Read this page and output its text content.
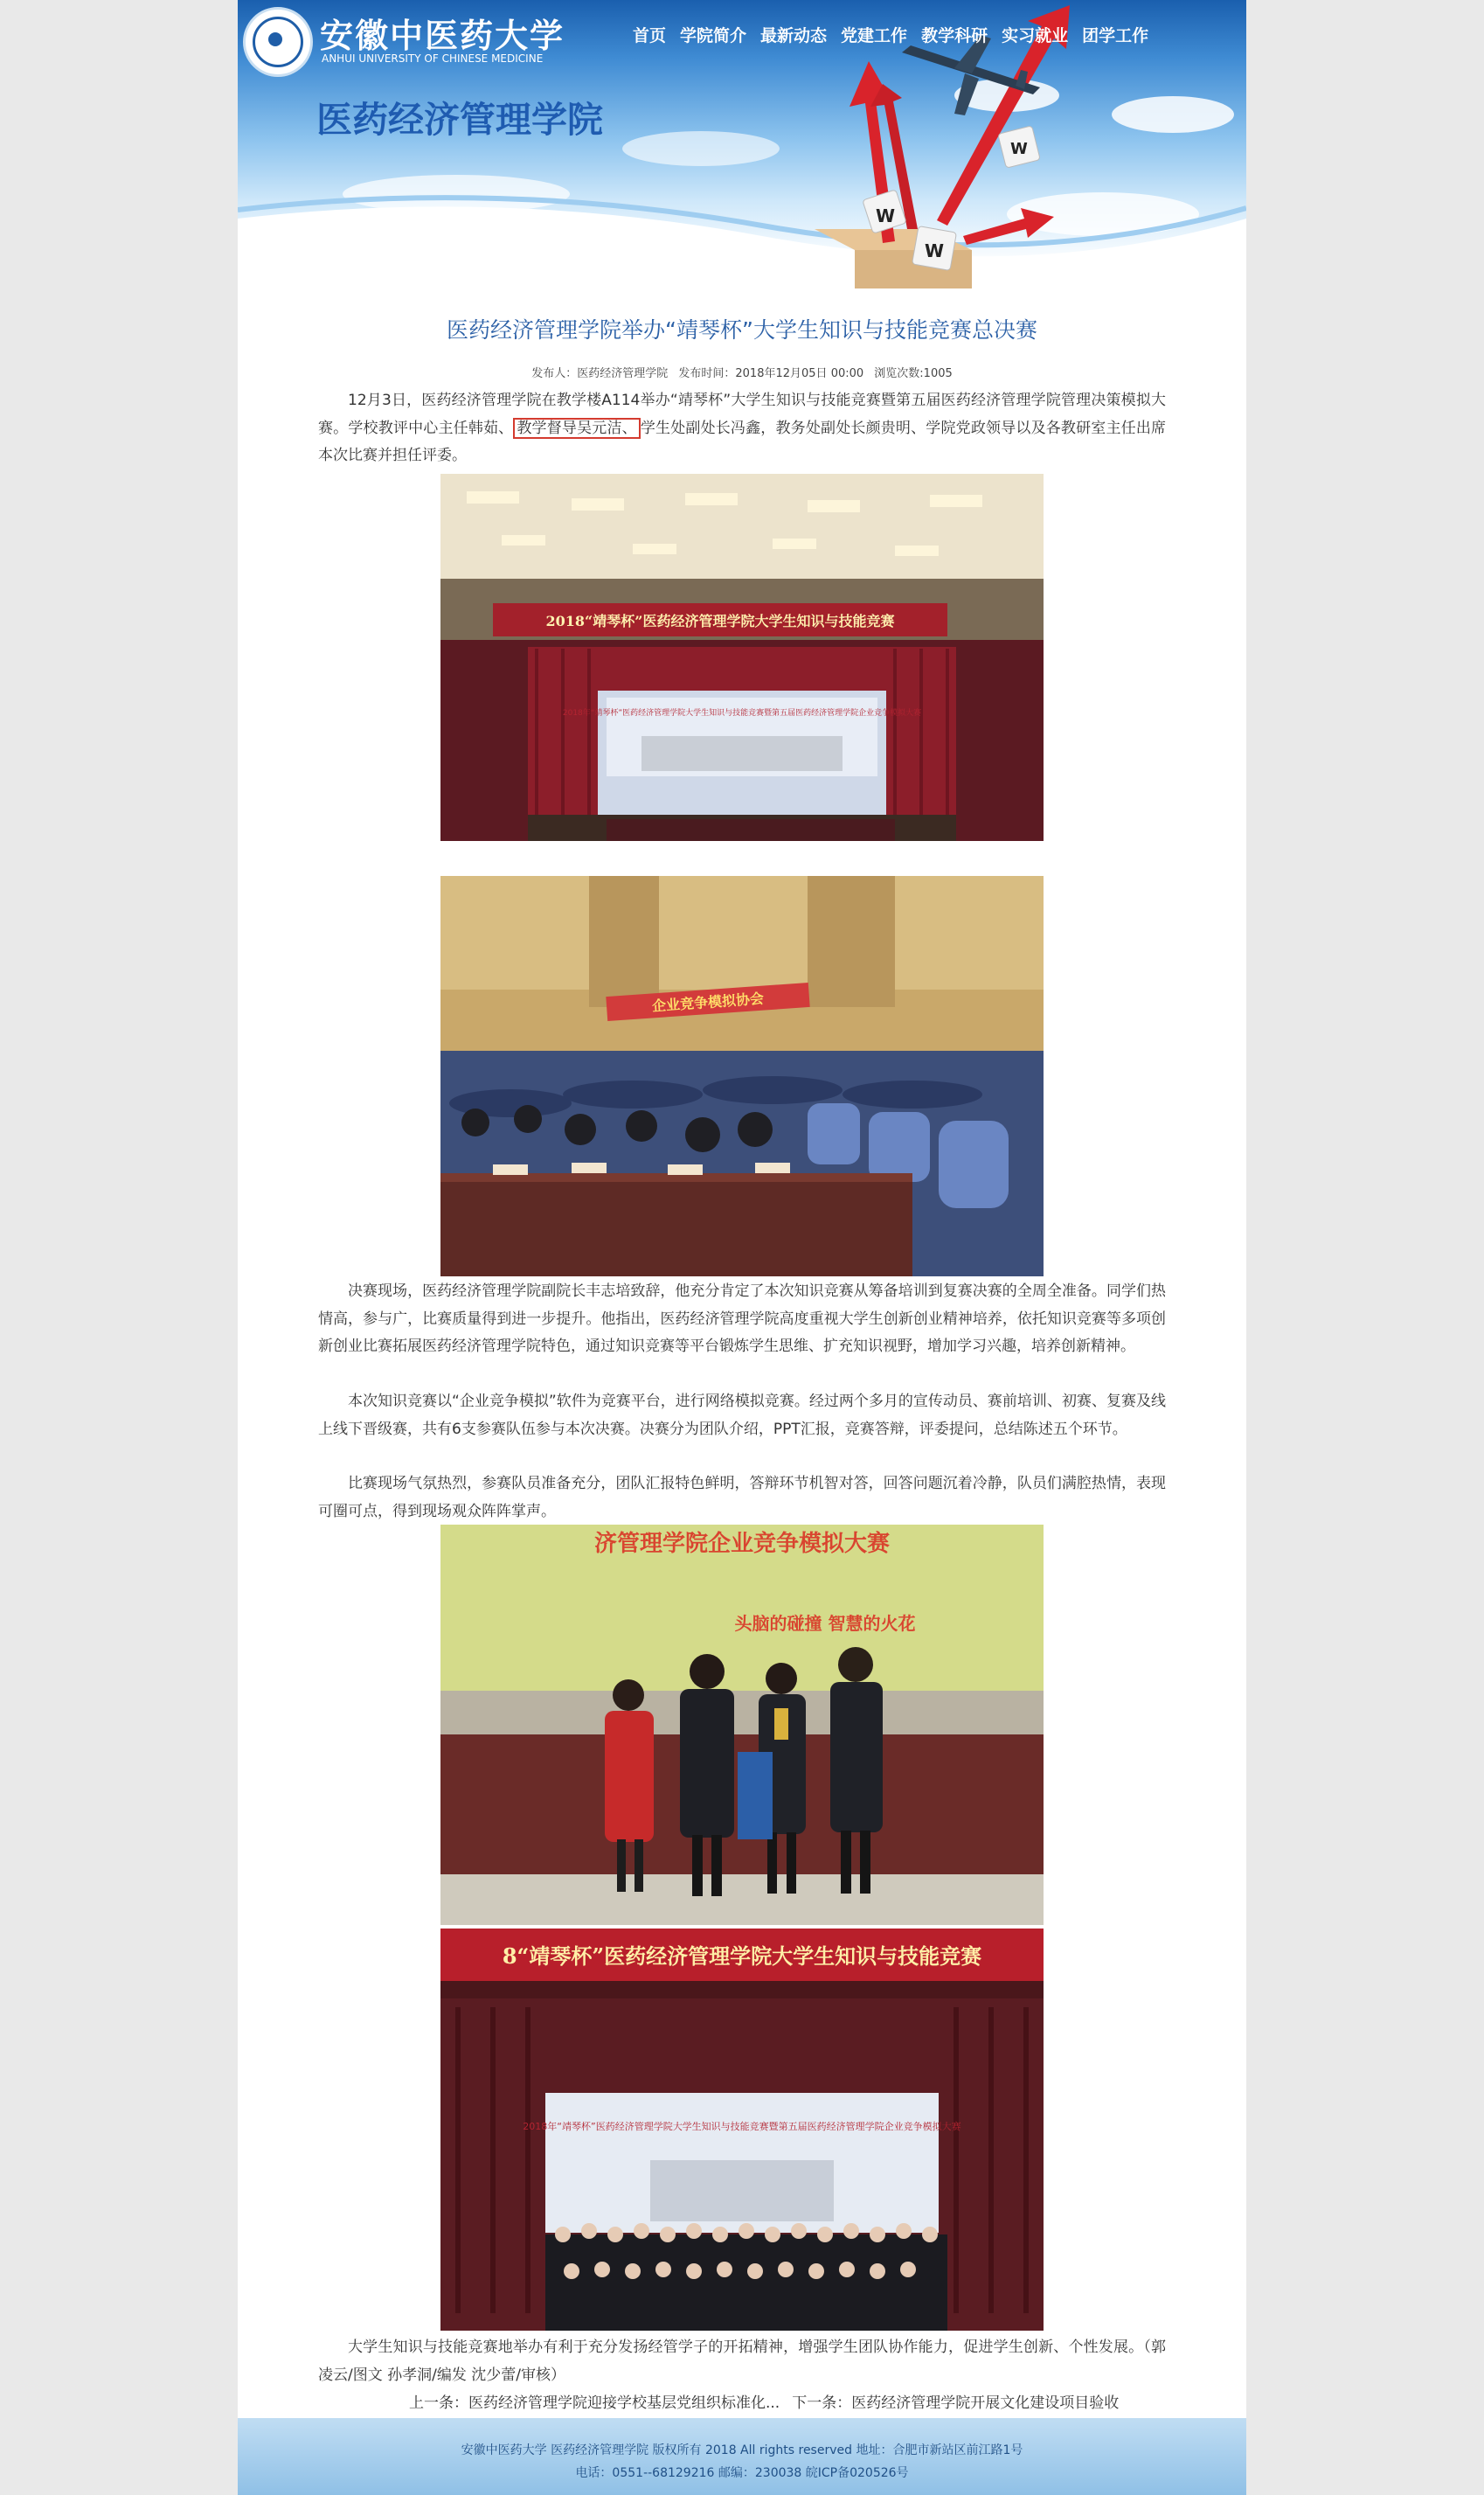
W
W
W
安徽中医药大学
ANHUI UNIVERSITY OF CHINESE MEDICINE
首页 学院简介 最新动态 党建工作 教学科研 实习就业 团学工作
医药经济管理学院
医药经济管理学院举办“靖琴杯”大学生知识与技能竞赛总决赛
发布人：医药经济管理学院 发布时间：2018年12月05日 00:00 浏览次数:1005

12月3日，医药经济管理学院在教学楼A114举办“靖琴杯”大学生知识与技能竞赛暨第五届医药经济管理学院管理决策模拟大赛。学校教评中心主任韩茹、 教学督导吴元洁、 学生处副处长冯鑫，教务处副处长颜贵明、学院党政领导以及各教研室主任出席本次比赛并担任评委。

2018“靖琴杯”医药经济管理学院大学生知识与技能竞赛
2018年“靖琴杯”医药经济管理学院大学生知识与技能竞赛暨第五届医药经济管理学院企业竞争模拟大赛
企业竞争模拟协会

决赛现场，医药经济管理学院副院长丰志培致辞，他充分肯定了本次知识竞赛从筹备培训到复赛决赛的全周全准备。同学们热情高，参与广，比赛质量得到进一步提升。他指出，医药经济管理学院高度重视大学生创新创业精神培养，依托知识竞赛等多项创新创业比赛拓展医药经济管理学院特色，通过知识竞赛等平台锻炼学生思维、扩充知识视野，增加学习兴趣，培养创新精神。

本次知识竞赛以“企业竞争模拟”软件为竞赛平台，进行网络模拟竞赛。经过两个多月的宣传动员、赛前培训、初赛、复赛及线上线下晋级赛，共有6支参赛队伍参与本次决赛。决赛分为团队介绍，PPT汇报，竞赛答辩，评委提问，总结陈述五个环节。

比赛现场气氛热烈，参赛队员准备充分，团队汇报特色鲜明，答辩环节机智对答，回答问题沉着冷静，队员们满腔热情，表现可圈可点，得到现场观众阵阵掌声。

济管理学院企业竞争模拟大赛
头脑的碰撞 智慧的火花
8“靖琴杯”医药经济管理学院大学生知识与技能竞赛
2018年“靖琴杯”医药经济管理学院大学生知识与技能竞赛暨第五届医药经济管理学院企业竞争模拟大赛

大学生知识与技能竞赛地举办有利于充分发扬经管学子的开拓精神，增强学生团队协作能力，促进学生创新、个性发展。（郭凌云/图文 孙孝洞/编发 沈少蕾/审核）

上一条：医药经济管理学院迎接学校基层党组织标准化... 下一条：医药经济管理学院开展文化建设项目验收
安徽中医药大学 医药经济管理学院 版权所有 2018 All rights reserved 地址：合肥市新站区前江路1号
电话：0551--68129216 邮编：230038 皖ICP备020526号
